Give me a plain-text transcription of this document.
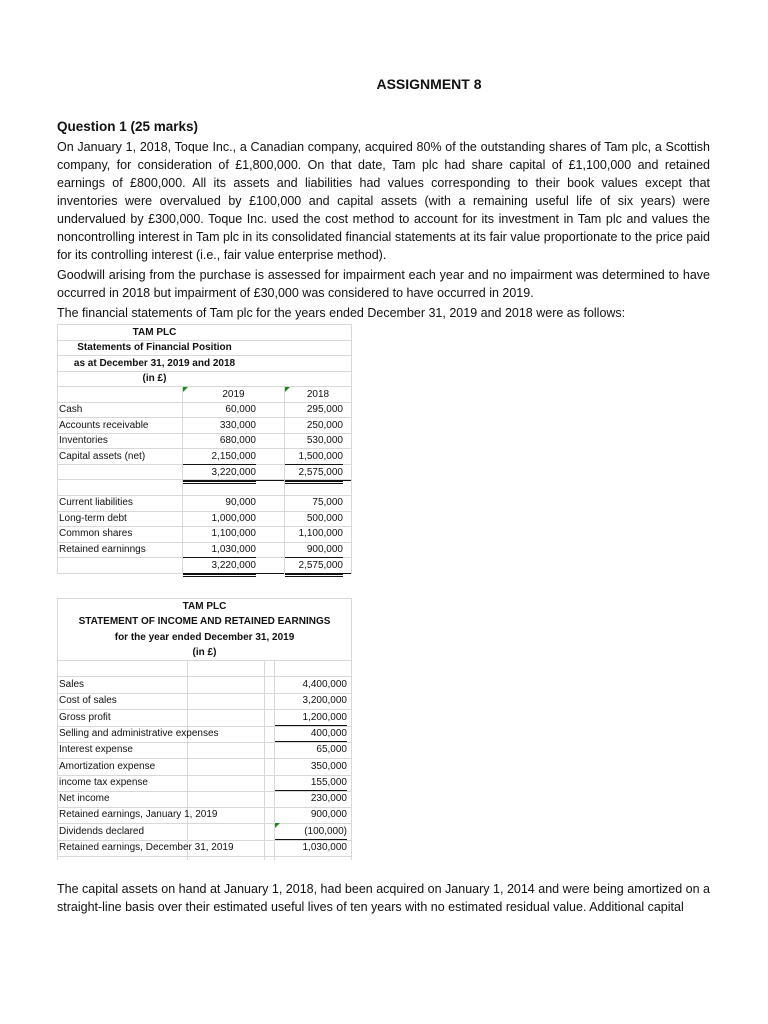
ASSIGNMENT 8
Question 1 (25 marks)

On January 1, 2018, Toque Inc., a Canadian company, acquired 80% of the outstanding shares of Tam plc, a Scottish company, for consideration of £1,800,000. On that date, Tam plc had share capital of £1,100,000 and retained earnings of £800,000. All its assets and liabilities had values corresponding to their book values except that inventories were overvalued by £100,000 and capital assets (with a remaining useful life of six years) were undervalued by £300,000. Toque Inc. used the cost method to account for its investment in Tam plc and values the noncontrolling interest in Tam plc in its consolidated financial statements at its fair value proportionate to the price paid for its controlling interest (i.e., fair value enterprise method).

Goodwill arising from the purchase is assessed for impairment each year and no impairment was determined to have occurred in 2018 but impairment of £30,000 was considered to have occurred in 2019.

The financial statements of Tam plc for the years ended December 31, 2019 and 2018 were as follows:

TAM PLC
Statements of Financial Position
as at December 31, 2019 and 2018
(in £)
2019	2018
Cash	60,000	295,000
Accounts receivable	330,000	250,000
Inventories	680,000	530,000
Capital assets (net)	2,150,000	1,500,000
3,220,000	2,575,000
Current liabilities	90,000	75,000
Long-term debt	1,000,000	500,000
Common shares	1,100,000	1,100,000
Retained earninngs	1,030,000	900,000
3,220,000	2,575,000
TAM PLC
STATEMENT OF INCOME AND RETAINED EARNINGS
for the year ended December 31, 2019
(in £)
Sales	4,400,000
Cost of sales	3,200,000
Gross profit	1,200,000
Selling and administrative expenses	400,000
Interest expense	65,000
Amortization expense	350,000
income tax expense	155,000
Net income	230,000
Retained earnings, January 1, 2019	900,000
Dividends declared	(100,000)
Retained earnings, December 31, 2019	1,030,000

The capital assets on hand at January 1, 2018, had been acquired on January 1, 2014 and were being amortized on a straight-line basis over their estimated useful lives of ten years with no estimated residual value. Additional capital
